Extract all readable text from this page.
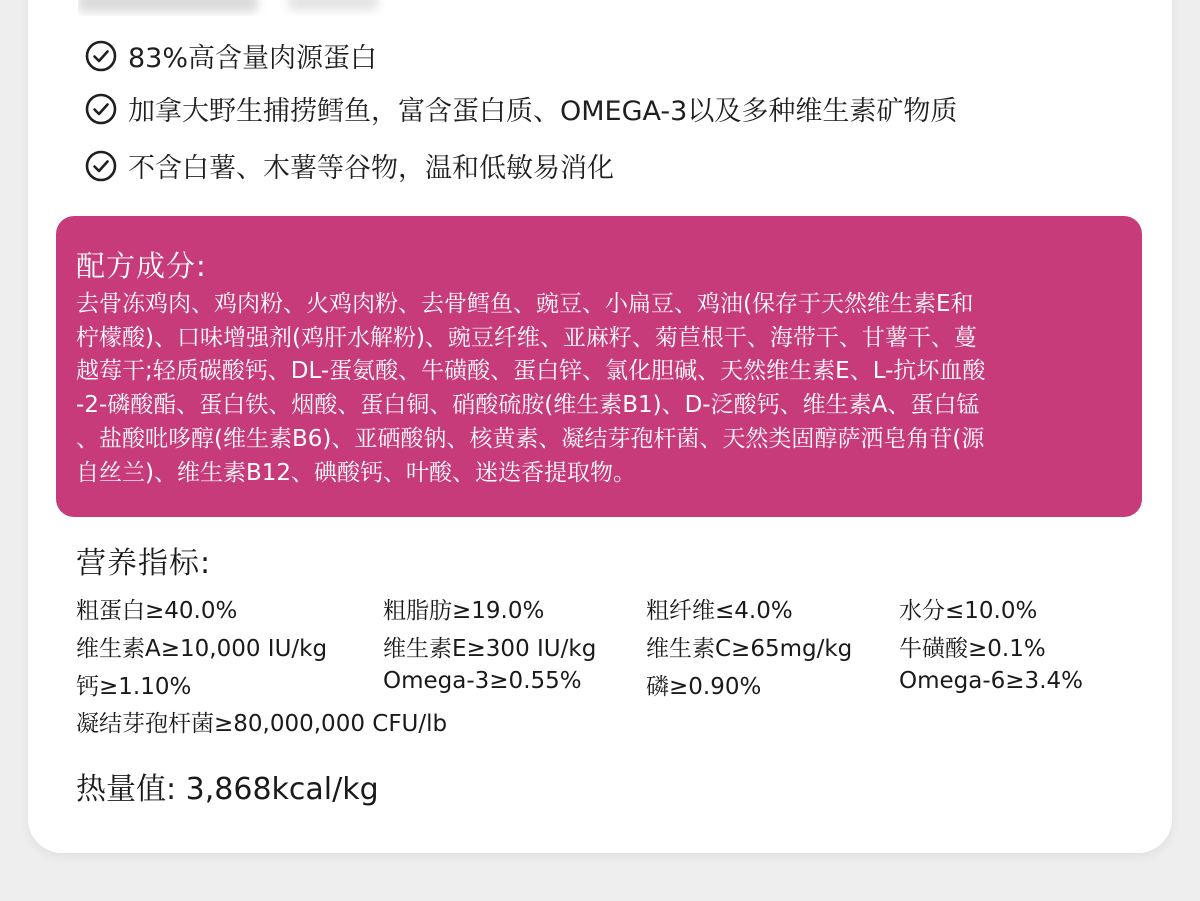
83%高含量肉源蛋白
加拿大野生捕捞鳕鱼，富含蛋白质、OMEGA-3以及多种维生素矿物质
不含白薯、木薯等谷物，温和低敏易消化
配方成分:
去骨冻鸡肉、鸡肉粉、火鸡肉粉、去骨鳕鱼、豌豆、小扁豆、鸡油(保存于天然维生素E和
柠檬酸)、口味增强剂(鸡肝水解粉)、豌豆纤维、亚麻籽、菊苣根干、海带干、甘薯干、蔓
越莓干;轻质碳酸钙、DL-蛋氨酸、牛磺酸、蛋白锌、氯化胆碱、天然维生素E、L-抗坏血酸
-2-磷酸酯、蛋白铁、烟酸、蛋白铜、硝酸硫胺(维生素B1)、D-泛酸钙、维生素A、蛋白锰
、盐酸吡哆醇(维生素B6)、亚硒酸钠、核黄素、凝结芽孢杆菌、天然类固醇萨洒皂角苷(源
自丝兰)、维生素B12、碘酸钙、叶酸、迷迭香提取物。
营养指标:
粗蛋白≥40.0%	粗脂肪≥19.0%	粗纤维≤4.0%	水分≤10.0%
维生素A≥10,000 IU/kg 维生素E≥300 IU/kg 维生素C≥65mg/kg 牛磺酸≥0.1%
钙≥1.10%	Omega-3≥0.55%	磷≥0.90%	Omega-6≥3.4%
凝结芽孢杆菌≥80,000,000 CFU/lb
热量值: 3,868kcal/kg
